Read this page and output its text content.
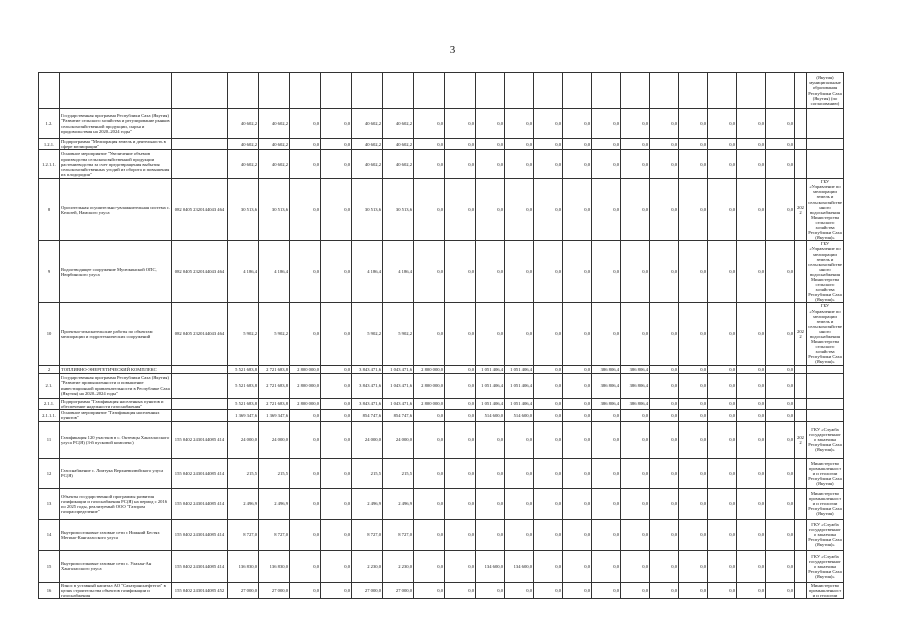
3
																							(Якутия) муниципальные образования Республики Саха (Якутия) (по согласованию)
1.2.	Государственная программа Республики Саха (Якутия) "Развитие сельского хозяйства и регулирование рынков сельскохозяйственной продукции, сырья и продовольствия на 2020–2024 годы"		40 602,2	40 602,2	0,0	0,0	40 602,2	40 602,2	0,0	0,0	0,0	0,0	0,0	0,0	0,0	0,0	0,0	0,0	0,0	0,0	0,0		
1.2.1.	Подпрограмма "Мелиорация земель и деятельность в сфере мелиорации"		40 602,2	40 602,2	0,0	0,0	40 602,2	40 602,2	0,0	0,0	0,0	0,0	0,0	0,0	0,0	0,0	0,0	0,0	0,0	0,0	0,0		
1.2.1.1.	Основное мероприятие "Увеличение объемов производства сельскохозяйственной продукции растениеводства за счет предотвращения выбытия сельскохозяйственных угодий из оборота и повышения их плодородия"		40 602,2	40 602,2	0,0	0,0	40 602,2	40 602,2	0,0	0,0	0,0	0,0	0,0	0,0	0,0	0,0	0,0	0,0	0,0	0,0	0,0		
8	Оросительная осушительно-увлажнительная система с. Кельтей, Намского улуса	082 0405 2320144043 464	30 513,6	30 513,6	0,0	0,0	30 513,6	30 513,6	0,0	0,0	0,0	0,0	0,0	0,0	0,0	0,0	0,0	0,0	0,0	0,0	0,0	2022	ГБУ «Управление по мелиорации земель и сельскохозяйственного водоснабжения Министерства сельского хозяйства Республики Саха (Якутия)»
9	Водоотводящее сооружение Мусюкинской ОПС, Нюрбинского улуса	082 0405 2320144043 464	4 186,4	4 186,4	0,0	0,0	4 186,4	4 186,4	0,0	0,0	0,0	0,0	0,0	0,0	0,0	0,0	0,0	0,0	0,0	0,0	0,0		ГБУ «Управление по мелиорации земель и сельскохозяйственного водоснабжения Министерства сельского хозяйства Республики Саха (Якутия)»
10	Проектно-изыскательские работы по объектам мелиорации и гидротехнических сооружений	082 0405 2320144043 464	5 902,2	5 902,2	0,0	0,0	5 902,2	5 902,2	0,0	0,0	0,0	0,0	0,0	0,0	0,0	0,0	0,0	0,0	0,0	0,0	0,0	2022	ГБУ «Управление по мелиорации земель и сельскохозяйственного водоснабжения Министерства сельского хозяйства Республики Саха (Якутия)»
2	ТОПЛИВНО-ЭНЕРГЕТИЧЕСКИЙ КОМПЛЕКС		5 521 683,8	2 721 683,8	2 800 000,0	0,0	3 843 471,6	1 043 471,6	2 800 000,0	0,0	1 051 406,4	1 051 406,4	0,0	0,0	386 806,4	386 806,4	0,0	0,0	0,0	0,0	0,0		
2.1.	Государственная программа Республики Саха (Якутия) "Развитие промышленности и повышение инвестиционной привлекательности в Республике Саха (Якутия) на 2020–2024 годы"		5 521 683,8	2 721 683,8	2 800 000,0	0,0	3 843 471,6	1 043 471,6	2 800 000,0	0,0	1 051 406,4	1 051 406,4	0,0	0,0	386 806,4	386 806,4	0,0	0,0	0,0	0,0	0,0		
2.1.1.	Подпрограмма "Газификация населенных пунктов и обеспечение надежности газоснабжения"		5 521 683,8	2 721 683,8	2 800 000,0	0,0	3 843 471,6	1 043 471,6	2 800 000,0	0,0	1 051 406,4	1 051 406,4	0,0	0,0	386 806,4	386 806,4	0,0	0,0	0,0	0,0	0,0		
2.1.1.1.	Основное мероприятие "Газификация населенных пунктов"		1 369 347,6	1 369 347,6	0,0	0,0	854 747,6	854 747,6	0,0	0,0	514 600,0	514 600,0	0,0	0,0	0,0	0,0	0,0	0,0	0,0	0,0	0,0		
11	Газификация 120 участков в с. Октемцы Хангаласского улуса РС(Я) (3-й пусковой комплекс)	155 0402 2430144085 414	24 000,0	24 000,0	0,0	0,0	24 000,0	24 000,0	0,0	0,0	0,0	0,0	0,0	0,0	0,0	0,0	0,0	0,0	0,0	0,0	0,0	2022	ГКУ «Служба государственного заказчика Республики Саха (Якутия)»
12	Газоснабжение с. Ломтука Верхневилюйского улуса РС(Я)	155 0402 2430144085 414	215,5	215,5	0,0	0,0	215,5	215,5	0,0	0,0	0,0	0,0	0,0	0,0	0,0	0,0	0,0	0,0	0,0	0,0	0,0		Министерство промышленности и геологии Республики Саха (Якутия)
13	Объекты государственной программы развития газификации и газоснабжения РС(Я) на период с 2016 по 2025 годы, реализуемый ООО "Газпром газораспределение"	155 0402 2430144085 414	2 496,9	2 496,9	0,0	0,0	2 496,9	2 496,9	0,0	0,0	0,0	0,0	0,0	0,0	0,0	0,0	0,0	0,0	0,0	0,0	0,0		Министерство промышленности и геологии Республики Саха (Якутия)
14	Внутрипоселковые газовые сети с Нижний Бестях Мегино-Кангаласского улуса	155 0402 2430144085 414	8 727,0	8 727,0	0,0	0,0	8 727,0	8 727,0	0,0	0,0	0,0	0,0	0,0	0,0	0,0	0,0	0,0	0,0	0,0	0,0	0,0		ГКУ «Служба государственного заказчика Республики Саха (Якутия)»
15	Внутрипоселковые газовые сети с. Улахан-Ан Хангаласского улуса	155 0402 2430144085 414	136 830,0	136 830,0	0,0	0,0	2 230,0	2 230,0	0,0	0,0	134 600,0	134 600,0	0,0	0,0	0,0	0,0	0,0	0,0	0,0	0,0	0,0		ГКУ «Служба государственного заказчика Республики Саха (Якутия)»
16	Взнос в уставный капитал АО "Сахатранснефтегаз" в целях строительства объектов газификации и газоснабжения	155 0402 2430144085 452	27 000,0	27 000,0	0,0	0,0	27 000,0	27 000,0	0,0	0,0	0,0	0,0	0,0	0,0	0,0	0,0	0,0	0,0	0,0	0,0	0,0		Министерство промышленности и геологии
